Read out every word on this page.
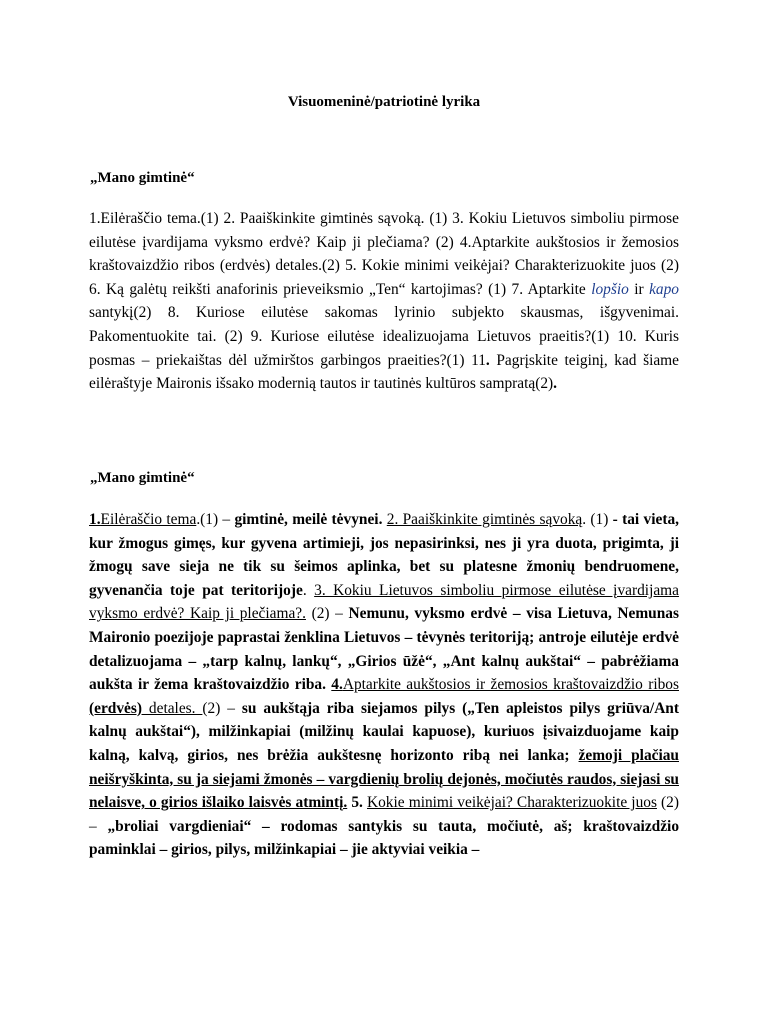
Visuomeninė/patriotinė lyrika
„Mano gimtinė“
1.Eilėraščio tema.(1) 2. Paaiškinkite gimtinės sąvoką. (1) 3. Kokiu Lietuvos simboliu pirmose eilutėse įvardijama vyksmo erdvė? Kaip ji plečiama? (2) 4.Aptarkite aukštosios ir žemosios kraštovaizdžio ribos (erdvės) detales.(2) 5. Kokie minimi veikėjai? Charakterizuokite juos (2) 6. Ką galėtų reikšti anaforinis prieveiksmio „Ten“ kartojimas? (1) 7. Aptarkite lopšio ir kapo santykį(2) 8. Kuriose eilutėse sakomas lyrinio subjekto skausmas, išgyvenimai. Pakomentuokite tai. (2) 9. Kuriose eilutėse idealizuojama Lietuvos praeitis?(1) 10. Kuris posmas – priekaištas dėl užmirštos garbingos praeities?(1) 11. Pagrįskite teiginį, kad šiame eilėraštyje Maironis išsako modernią tautos ir tautinės kultūros sampratą(2).
„Mano gimtinė“
1.Eilėraščio tema.(1) – gimtinė, meilė tėvynei. 2. Paaiškinkite gimtinės sąvoką. (1) - tai vieta, kur žmogus gimęs, kur gyvena artimieji, jos nepasirinksi, nes ji yra duota, prigimta, ji žmogų save sieja ne tik su šeimos aplinka, bet su platesne žmonių bendruomene, gyvenančia toje pat teritorijoje. 3. Kokiu Lietuvos simboliu pirmose eilutėse įvardijama vyksmo erdvė? Kaip ji plečiama?. (2) – Nemunu, vyksmo erdvė – visa Lietuva, Nemunas Maironio poezijoje paprastai ženklina Lietuvos – tėvynės teritoriją; antroje eilutėje erdvė detalizuojama – „tarp kalnų, lankų“, „Girios ūžė“, „Ant kalnų aukštai“ – pabrėžiama aukšta ir žema kraštovaizdžio riba. 4.Aptarkite aukštosios ir žemosios kraštovaizdžio ribos (erdvės) detales. (2) – su aukštąja riba siejamos pilys („Ten apleistos pilys griūva/Ant kalnų aukštai“), milžinkapiai (milžinų kaulai kapuose), kuriuos įsivaizduojame kaip kalną, kalvą, girios, nes brėžia aukštesnę horizonto ribą nei lanka; žemoji plačiau neišryškinta, su ja siejami žmonės – vargdienių brolių dejonės, močiutės raudos, siejasi su nelaisve, o girios išlaiko laisvės atmintį. 5. Kokie minimi veikėjai? Charakterizuokite juos (2) – „broliai vargdieniai“ – rodomas santykis su tauta, močiutė, aš; kraštovaizdžio paminklai – girios, pilys, milžinkapiai – jie aktyviai veikia –
